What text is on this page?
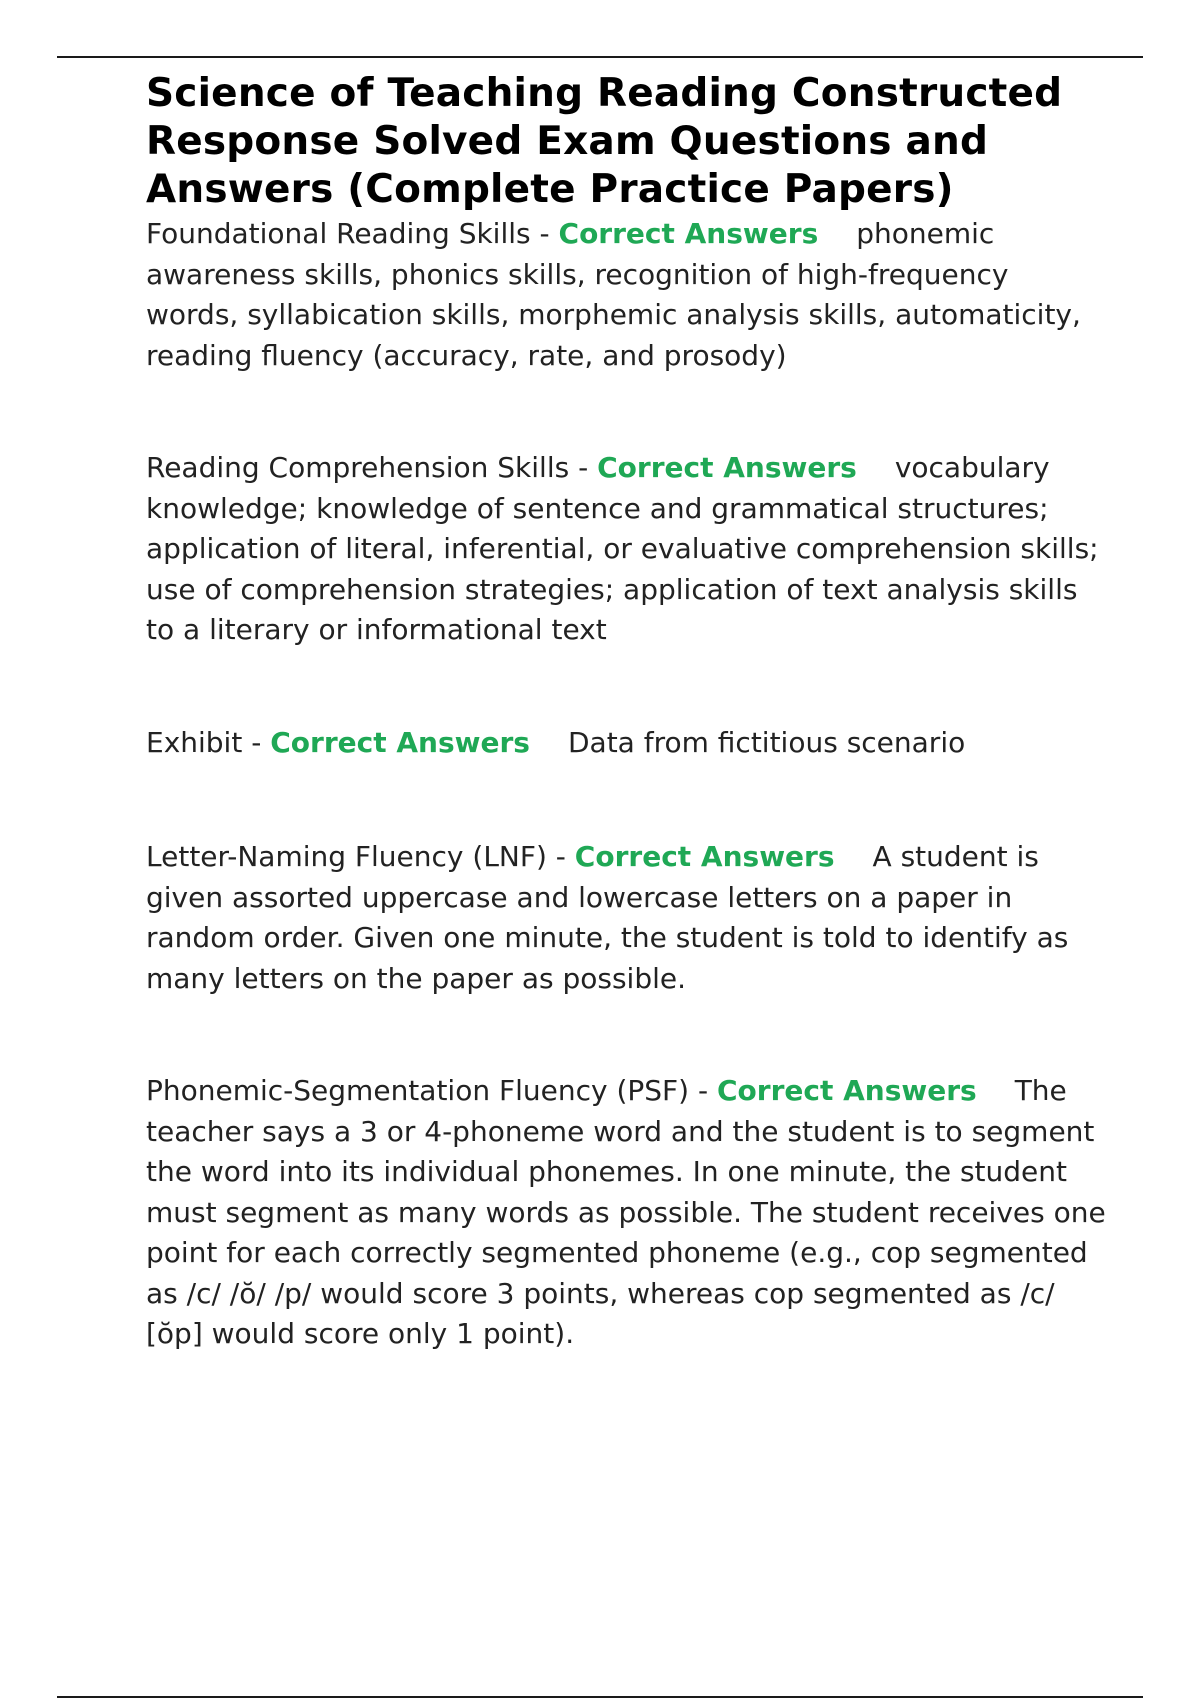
Science of Teaching Reading Constructed Response Solved Exam Questions and Answers (Complete Practice Papers)

Foundational Reading Skills - Correct Answers phonemic awareness skills, phonics skills, recognition of high-frequency words, syllabication skills, morphemic analysis skills, automaticity, reading fluency (accuracy, rate, and prosody)

Reading Comprehension Skills - Correct Answers vocabulary knowledge; knowledge of sentence and grammatical structures; application of literal, inferential, or evaluative comprehension skills; use of comprehension strategies; application of text analysis skills to a literary or informational text

Exhibit - Correct Answers Data from fictitious scenario

Letter-Naming Fluency (LNF) - Correct Answers A student is given assorted uppercase and lowercase letters on a paper in random order. Given one minute, the student is told to identify as many letters on the paper as possible.

Phonemic-Segmentation Fluency (PSF) - Correct Answers The teacher says a 3 or 4-phoneme word and the student is to segment the word into its individual phonemes. In one minute, the student must segment as many words as possible. The student receives one point for each correctly segmented phoneme (e.g., cop segmented as /c/ /ŏ/ /p/ would score 3 points, whereas cop segmented as /c/ [ŏp] would score only 1 point).
